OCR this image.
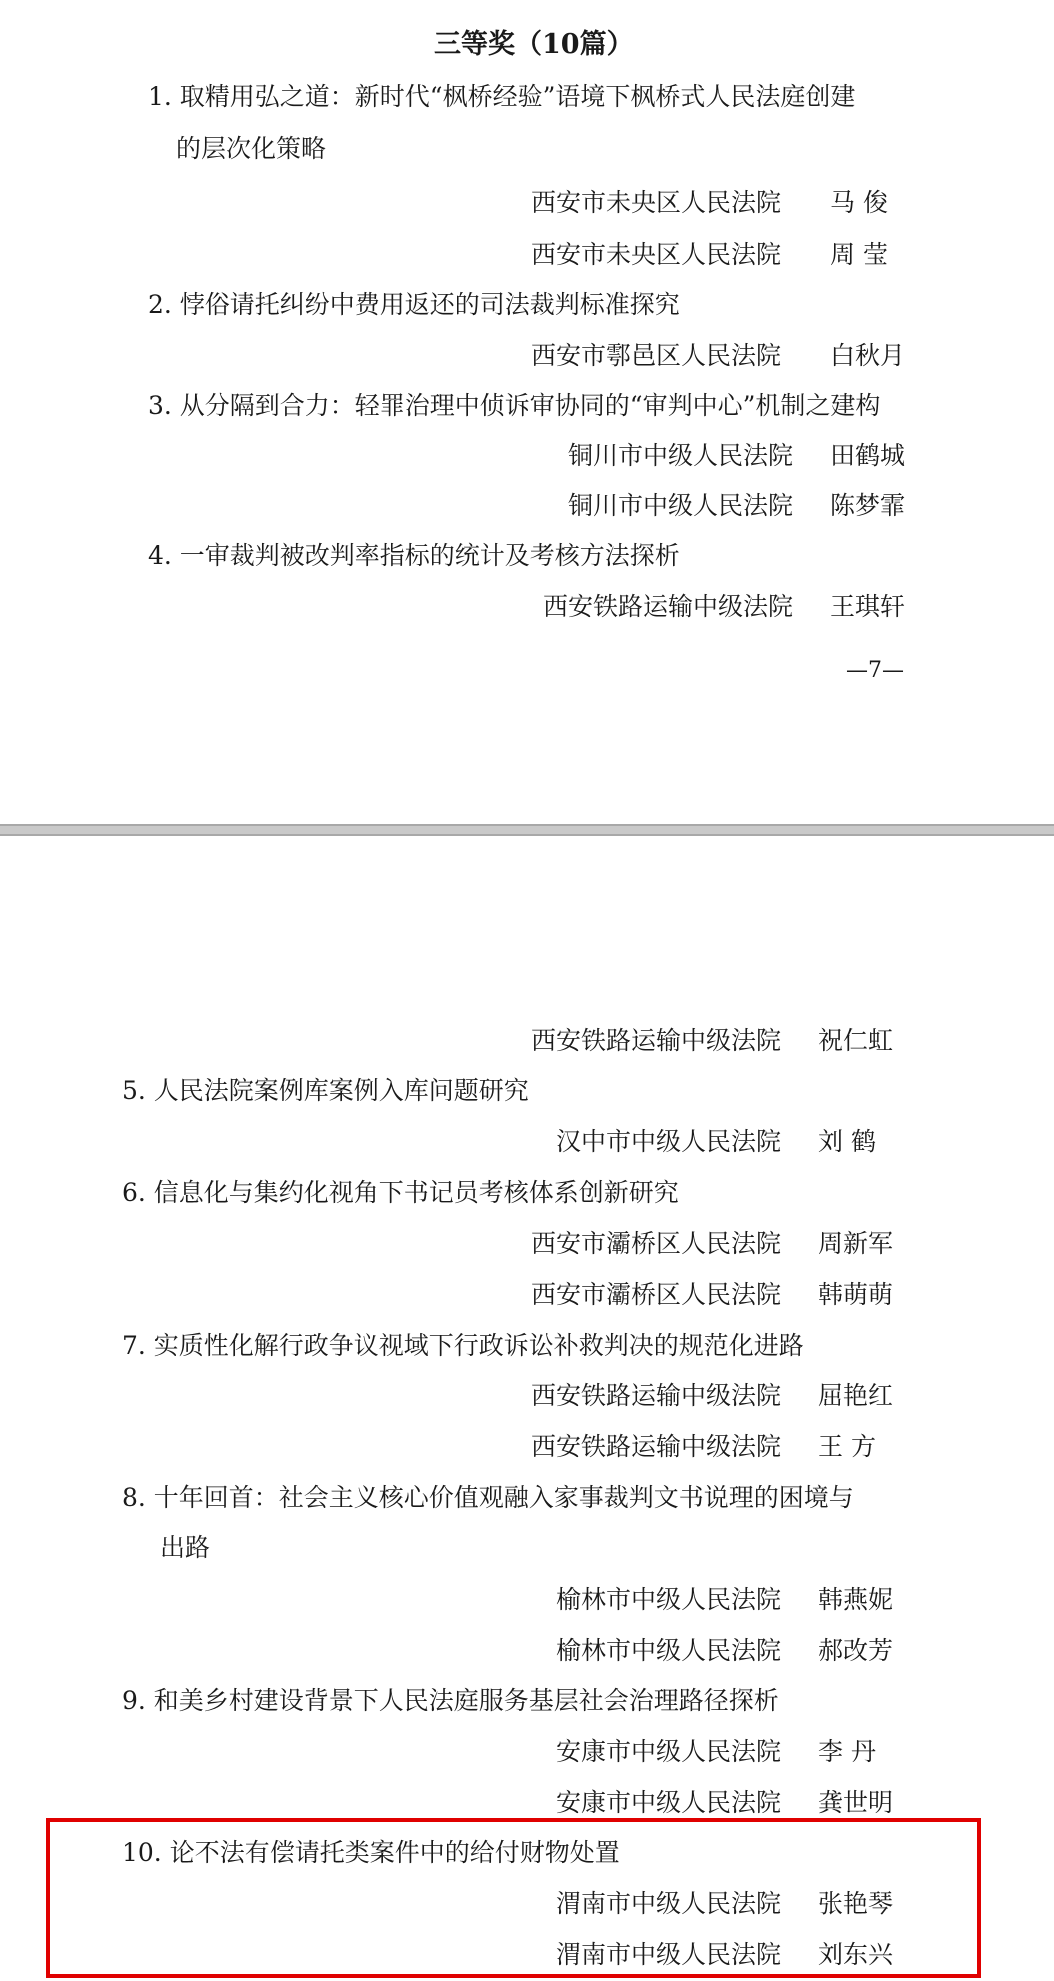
三等奖（10篇）
1. 取精用弘之道：新时代“枫桥经验”语境下枫桥式人民法庭创建
的层次化策略
西安市未央区人民法院 马 俊
西安市未央区人民法院 周 莹
2. 悖俗请托纠纷中费用返还的司法裁判标准探究
西安市鄠邑区人民法院 白秋月
3. 从分隔到合力：轻罪治理中侦诉审协同的“审判中心”机制之建构
铜川市中级人民法院 田鹤城
铜川市中级人民法院 陈梦霏
4. 一审裁判被改判率指标的统计及考核方法探析
西安铁路运输中级法院 王琪轩
—7—
西安铁路运输中级法院 祝仁虹
5. 人民法院案例库案例入库问题研究
汉中市中级人民法院 刘 鹤
6. 信息化与集约化视角下书记员考核体系创新研究
西安市灞桥区人民法院 周新军
西安市灞桥区人民法院 韩萌萌
7. 实质性化解行政争议视域下行政诉讼补救判决的规范化进路
西安铁路运输中级法院 屈艳红
西安铁路运输中级法院 王 方
8. 十年回首：社会主义核心价值观融入家事裁判文书说理的困境与
出路
榆林市中级人民法院 韩燕妮
榆林市中级人民法院 郝改芳
9. 和美乡村建设背景下人民法庭服务基层社会治理路径探析
安康市中级人民法院 李 丹
安康市中级人民法院 龚世明
10. 论不法有偿请托类案件中的给付财物处置
渭南市中级人民法院 张艳琴
渭南市中级人民法院 刘东兴
